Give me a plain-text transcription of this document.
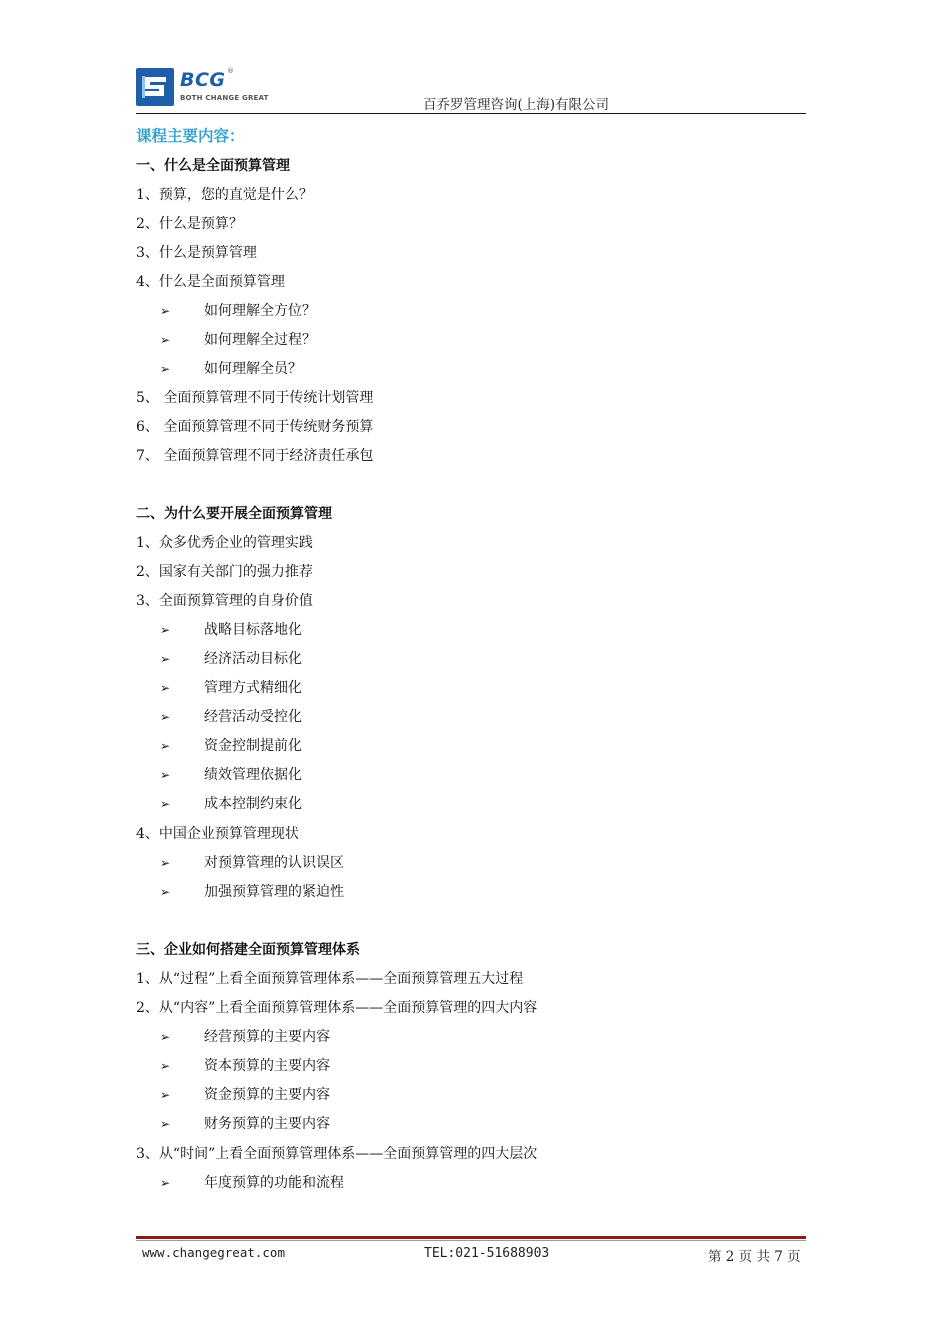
BCG ®
BOTH CHANGE GREAT	百乔罗管理咨询(上海)有限公司
课程主要内容：
一、什么是全面预算管理
1、预算，您的直觉是什么？
2、什么是预算？
3、什么是预算管理
4、什么是全面预算管理
➢ 如何理解全方位？
➢ 如何理解全过程？
➢ 如何理解全员？
5、 全面预算管理不同于传统计划管理
6、 全面预算管理不同于传统财务预算
7、 全面预算管理不同于经济责任承包
二、为什么要开展全面预算管理
1、众多优秀企业的管理实践
2、国家有关部门的强力推荐
3、全面预算管理的自身价值
➢ 战略目标落地化
➢ 经济活动目标化
➢ 管理方式精细化
➢ 经营活动受控化
➢ 资金控制提前化
➢ 绩效管理依据化
➢ 成本控制约束化
4、中国企业预算管理现状
➢ 对预算管理的认识误区
➢ 加强预算管理的紧迫性
三、企业如何搭建全面预算管理体系
1、从“过程”上看全面预算管理体系——全面预算管理五大过程
2、从“内容”上看全面预算管理体系——全面预算管理的四大内容
➢ 经营预算的主要内容
➢ 资本预算的主要内容
➢ 资金预算的主要内容
➢ 财务预算的主要内容
3、从“时间”上看全面预算管理体系——全面预算管理的四大层次
➢ 年度预算的功能和流程
www.changegreat.com	TEL:021-51688903	第 2 页 共 7 页
